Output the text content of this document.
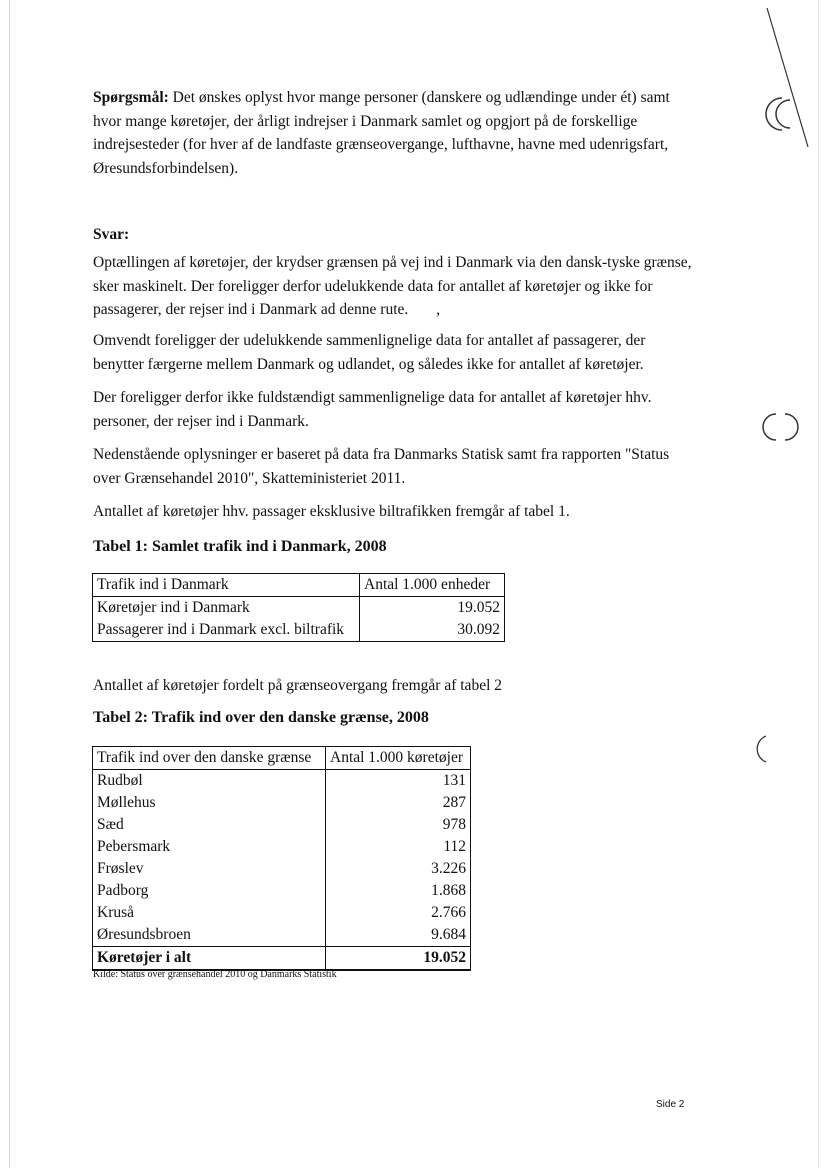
Spørgsmål: Det ønskes oplyst hvor mange personer (danskere og udlændinge under ét) samt hvor mange køretøjer, der årligt indrejser i Danmark samlet og opgjort på de forskellige indrejsesteder (for hver af de landfaste grænseovergange, lufthavne, havne med udenrigsfart, Øresundsforbindelsen).

Svar:

Optællingen af køretøjer, der krydser grænsen på vej ind i Danmark via den dansk-tyske grænse, sker maskinelt. Der foreligger derfor udelukkende data for antallet af køretøjer og ikke for passagerer, der rejser ind i Danmark ad denne rute. ,

Omvendt foreligger der udelukkende sammenlignelige data for antallet af passagerer, der benytter færgerne mellem Danmark og udlandet, og således ikke for antallet af køretøjer.
Der foreligger derfor ikke fuldstændigt sammenlignelige data for antallet af køretøjer hhv. personer, der rejser ind i Danmark.
Nedenstående oplysninger er baseret på data fra Danmarks Statisk samt fra rapporten "Status over Grænsehandel 2010", Skatteministeriet 2011.
Antallet af køretøjer hhv. passager eksklusive biltrafikken fremgår af tabel 1.
Tabel 1: Samlet trafik ind i Danmark, 2008
Trafik ind i Danmark	Antal 1.000 enheder
Køretøjer ind i Danmark	19.052
Passagerer ind i Danmark excl. biltrafik	30.092
Antallet af køretøjer fordelt på grænseovergang fremgår af tabel 2
Tabel 2: Trafik ind over den danske grænse, 2008
Trafik ind over den danske grænse	Antal 1.000 køretøjer
Rudbøl	131
Møllehus	287
Sæd	978
Pebersmark	112
Frøslev	3.226
Padborg	1.868
Kruså	2.766
Øresundsbroen	9.684
Køretøjer i alt	19.052
Kilde: Status over grænsehandel 2010 og Danmarks Statistik
Side 2
